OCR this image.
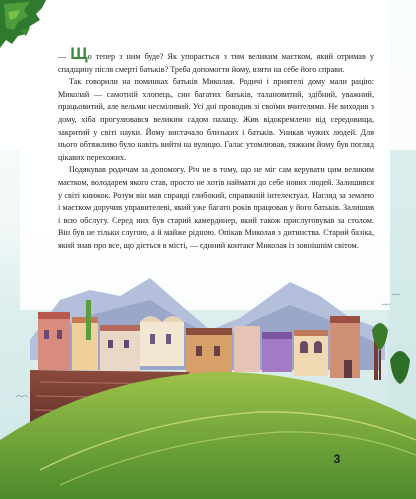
— Що тепер з ним буде? Як упорається з тим великим маєтком, який отримав у спадщину після смерті батьків? Треба допомогти йому, взяти на себе його справи.

Так говорили на поминках батьків Миколая. Родичі і приятелі дому мали рацію: Миколай — самотній хлопець, син багатих батьків, талановитий, здібний, уважний, працьовитий, але вельми несміливий. Усі дні проводив зі своїми вчителями. Не виходив з дому, хіба прогулювався великим садом палацу. Жив відокремлено від середовища, закритий у світі науки. Йому вистачало близьких і батьків. Уникав чужих людей. Для нього обтяжливо було навіть вийти на вулицю. Галас утомлював, тяжким йому був погляд цікавих перехожих.

Подякував родичам за допомогу. Річ не в тому, що не міг сам керувати цим великим маєтком, володарем якого став, просто не хотів наймати до себе нових людей. Залишився у світі книжок. Розум він мав справді глибокий, справжній інтелектуал. Нагляд за землею і маєтком доручив управителеві, який уже багато років працював у його батьків. Залишив і всю обслугу. Серед них був старий камердинер, який також прислуговував за столом. Він був не тільки слугою, а й майже рідною. Опікав Миколая з дитинства. Старий базіка, який знав про все, що діється в місті, — єдиний контакт Миколая із зовнішнім світом.

3
